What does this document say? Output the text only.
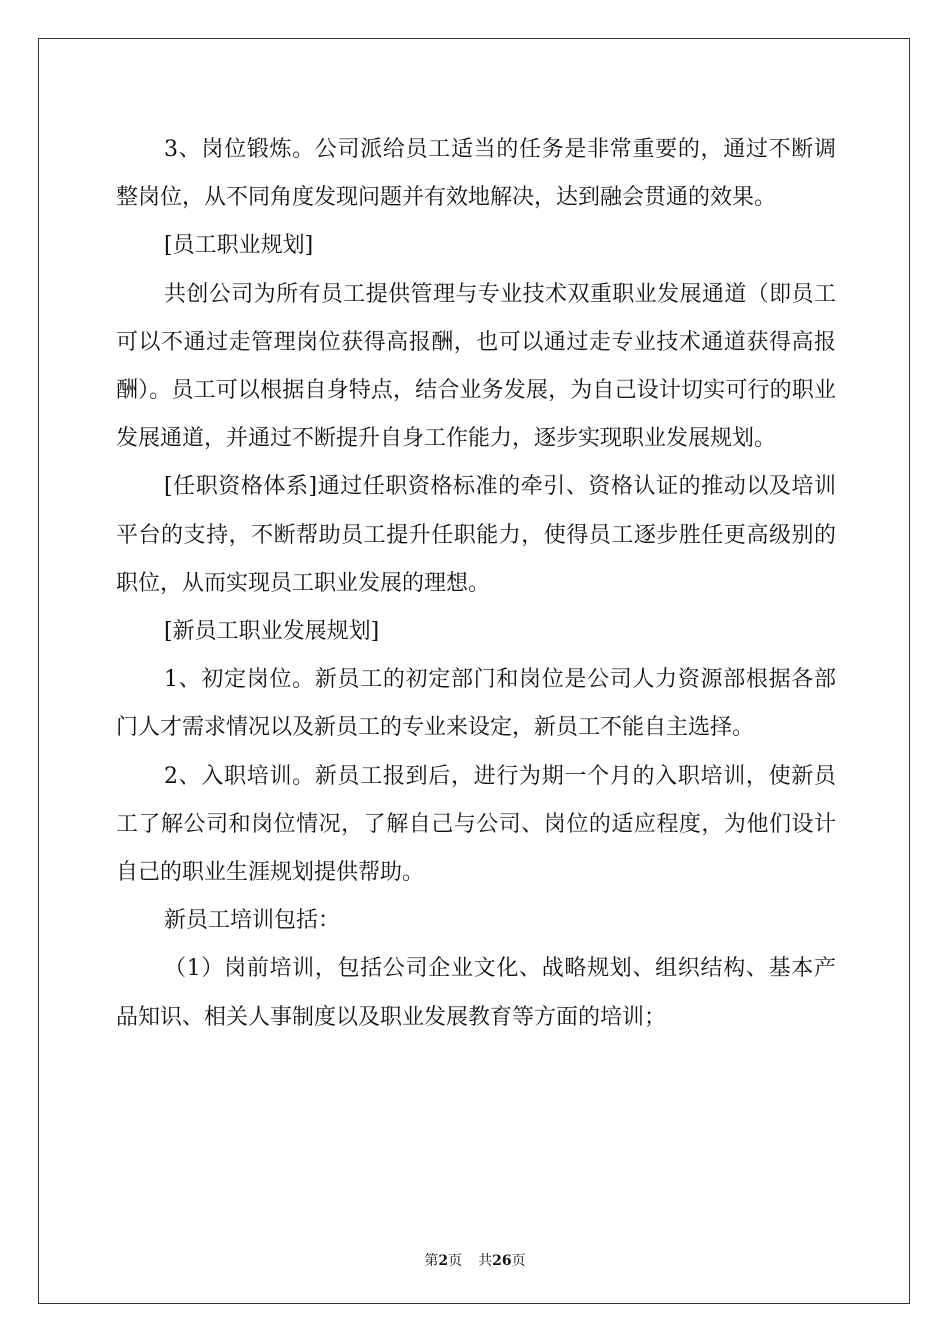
3、岗位锻炼。公司派给员工适当的任务是非常重要的，通过不断调整岗位，从不同角度发现问题并有效地解决，达到融会贯通的效果。

[员工职业规划]

共创公司为所有员工提供管理与专业技术双重职业发展通道（即员工可以不通过走管理岗位获得高报酬，也可以通过走专业技术通道获得高报酬）。员工可以根据自身特点，结合业务发展，为自己设计切实可行的职业发展通道，并通过不断提升自身工作能力，逐步实现职业发展规划。

[任职资格体系]通过任职资格标准的牵引、资格认证的推动以及培训平台的支持，不断帮助员工提升任职能力，使得员工逐步胜任更高级别的职位，从而实现员工职业发展的理想。

[新员工职业发展规划]

1、初定岗位。新员工的初定部门和岗位是公司人力资源部根据各部门人才需求情况以及新员工的专业来设定，新员工不能自主选择。

2、入职培训。新员工报到后，进行为期一个月的入职培训，使新员工了解公司和岗位情况，了解自己与公司、岗位的适应程度，为他们设计自己的职业生涯规划提供帮助。

新员工培训包括：

（1）岗前培训，包括公司企业文化、战略规划、组织结构、基本产品知识、相关人事制度以及职业发展教育等方面的培训；

第2页 共26页
